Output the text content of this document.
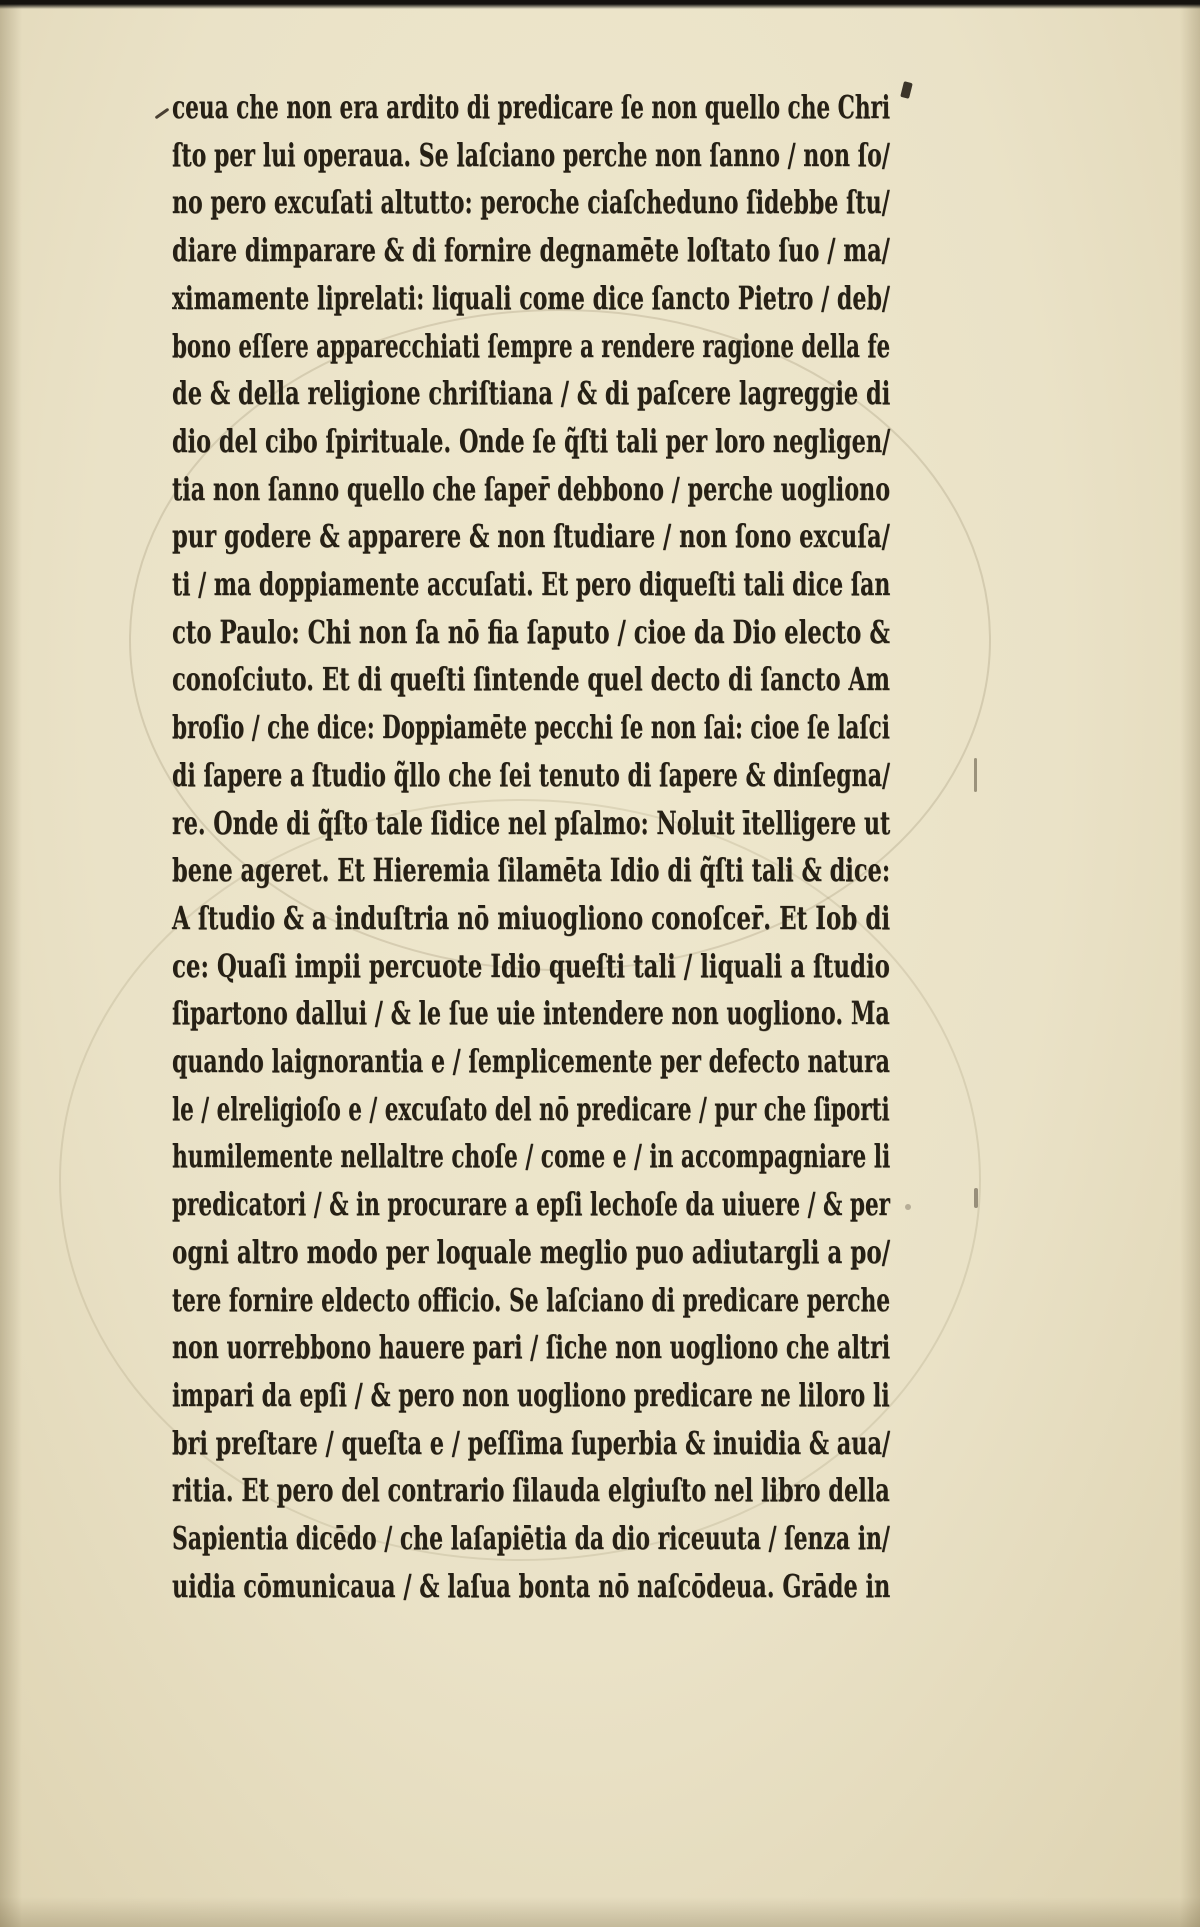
ceua che non era ardito di predicare ſe non quello che Chri
ſto per lui operaua. Se laſciano perche non ſanno / non ſo/
no pero excuſati altutto: peroche ciaſcheduno ſidebbe ſtu/
diare dimparare & di fornire degnamēte loſtato ſuo / ma/
ximamente liprelati: liquali come dice ſancto Pietro / deb/
bono eſſere apparecchiati ſempre a rendere ragione della fe
de & della religione chriſtiana / & di paſcere lagreggie di
dio del cibo ſpirituale. Onde ſe q̃ſti tali per loro negligen/
tia non ſanno quello che ſaper̄ debbono / perche uogliono
pur godere & apparere & non ſtudiare / non ſono excuſa/
ti / ma doppiamente accuſati. Et pero diqueſti tali dice ſan
cto Paulo: Chi non ſa nō fia ſaputo / cioe da Dio electo &
conoſciuto. Et di queſti ſintende quel decto di ſancto Am
broſio / che dice: Doppiamēte pecchi ſe non ſai: cioe ſe laſci
di ſapere a ſtudio q̃llo che ſei tenuto di ſapere & dinſegna/
re. Onde di q̃ſto tale ſidice nel pſalmo: Noluit ītelligere ut
bene ageret. Et Hieremia ſilamēta Idio di q̃ſti tali & dice:
A ſtudio & a induſtria nō miuogliono conoſcer̄. Et Iob di
ce: Quaſi impii percuote Idio queſti tali / liquali a ſtudio
ſipartono dallui / & le ſue uie intendere non uogliono. Ma
quando laignorantia e / ſemplicemente per defecto natura
le / elreligioſo e / excuſato del nō predicare / pur che ſiporti
humilemente nellaltre choſe / come e / in accompagniare li
predicatori / & in procurare a epſi lechoſe da uiuere / & per
ogni altro modo per loquale meglio puo adiutargli a po/
tere fornire eldecto officio. Se laſciano di predicare perche
non uorrebbono hauere pari / ſiche non uogliono che altri
impari da epſi / & pero non uogliono predicare ne liloro li
bri preſtare / queſta e / peſſima ſuperbia & inuidia & aua/
ritia. Et pero del contrario ſilauda elgiuſto nel libro della
Sapientia dicēdo / che laſapiētia da dio riceuuta / ſenza in/
uidia cōmunicaua / & laſua bonta nō naſcōdeua. Grāde in
